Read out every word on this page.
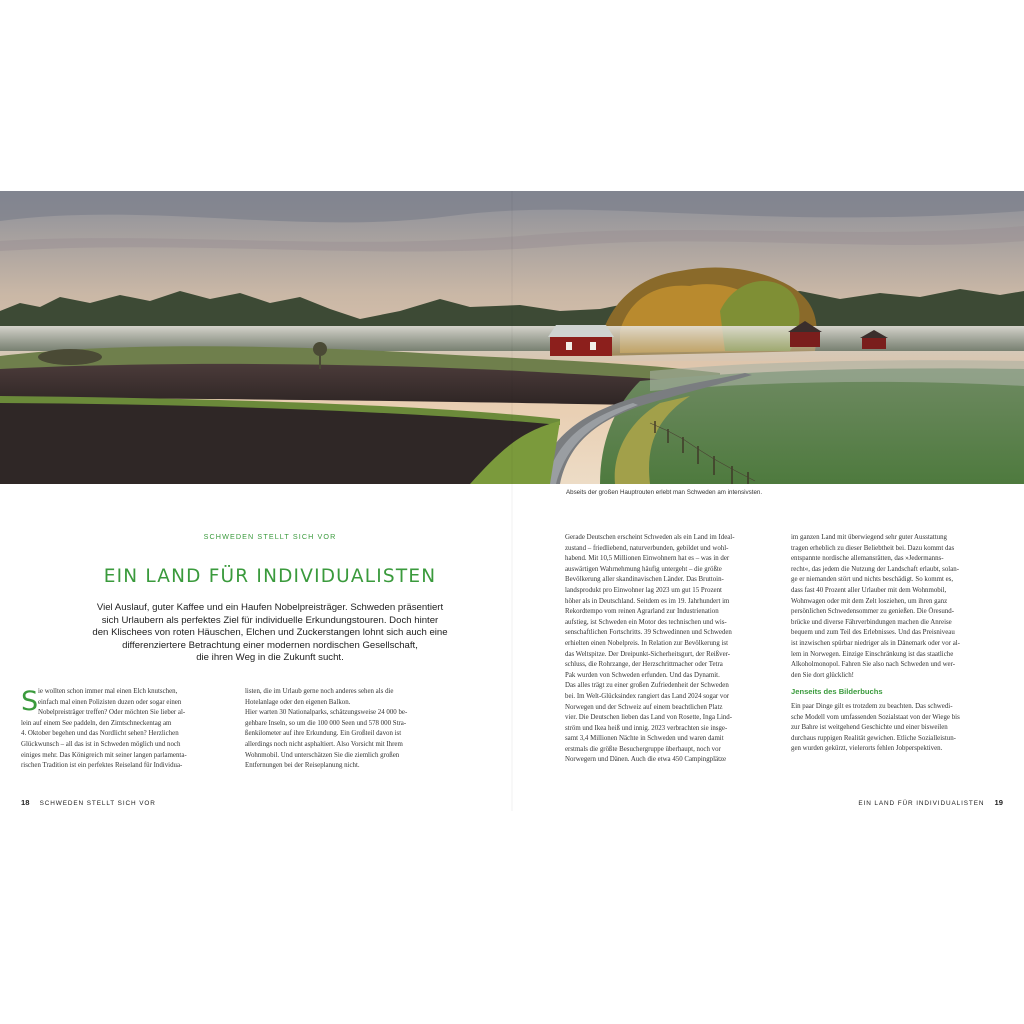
Abseits der großen Hauptrouten erlebt man Schweden am intensivsten.
SCHWEDEN STELLT SICH VOR
EIN LAND FÜR INDIVIDUALISTEN
Viel Auslauf, guter Kaffee und ein Haufen Nobelpreisträger. Schweden präsentiert
sich Urlaubern als perfektes Ziel für individuelle Erkundungstouren. Doch hinter
den Klischees von roten Häuschen, Elchen und Zuckerstangen lohnt sich auch eine
differenziertere Betrachtung einer modernen nordischen Gesellschaft,
die ihren Weg in die Zukunft sucht.
S ie wollten schon immer mal einen Elch knutschen,
einfach mal einen Polizisten duzen oder sogar einen
Nobelpreisträger treffen? Oder möchten Sie lieber al-
lein auf einem See paddeln, den Zimtschneckentag am
4. Oktober begehen und das Nordlicht sehen? Herzlichen
Glückwunsch – all das ist in Schweden möglich und noch
einiges mehr. Das Königreich mit seiner langen parlamenta-
rischen Tradition ist ein perfektes Reiseland für Individua-
listen, die im Urlaub gerne noch anderes sehen als die
Hotelanlage oder den eigenen Balkon.
Hier warten 30 Nationalparks, schätzungsweise 24 000 be-
gehbare Inseln, so um die 100 000 Seen und 578 000 Stra-
ßenkilometer auf ihre Erkundung. Ein Großteil davon ist
allerdings noch nicht asphaltiert. Also Vorsicht mit Ihrem
Wohnmobil. Und unterschätzen Sie die ziemlich großen
Entfernungen bei der Reiseplanung nicht.
Gerade Deutschen erscheint Schweden als ein Land im Ideal-
zustand – friedliebend, naturverbunden, gebildet und wohl-
habend. Mit 10,5 Millionen Einwohnern hat es – was in der
auswärtigen Wahrnehmung häufig untergeht – die größte
Bevölkerung aller skandinavischen Länder. Das Bruttoin-
landsprodukt pro Einwohner lag 2023 um gut 15 Prozent
höher als in Deutschland. Seitdem es im 19. Jahrhundert im
Rekordtempo vom reinen Agrarland zur Industrienation
aufstieg, ist Schweden ein Motor des technischen und wis-
senschaftlichen Fortschritts. 39 Schwedinnen und Schweden
erhielten einen Nobelpreis. In Relation zur Bevölkerung ist
das Weltspitze. Der Dreipunkt-Sicherheitsgurt, der Reißver-
schluss, die Rohrzange, der Herzschrittmacher oder Tetra
Pak wurden von Schweden erfunden. Und das Dynamit.
Das alles trägt zu einer großen Zufriedenheit der Schweden
bei. Im Welt-Glücksindex rangiert das Land 2024 sogar vor
Norwegen und der Schweiz auf einem beachtlichen Platz
vier. Die Deutschen lieben das Land von Rosette, Inga Lind-
ström und Ikea heiß und innig. 2023 verbrachten sie insge-
samt 3,4 Millionen Nächte in Schweden und waren damit
erstmals die größte Besuchergruppe überhaupt, noch vor
Norwegern und Dänen. Auch die etwa 450 Campingplätze
im ganzen Land mit überwiegend sehr guter Ausstattung
tragen erheblich zu dieser Beliebtheit bei. Dazu kommt das
entspannte nordische allemansrätten, das »Jedermanns-
recht«, das jedem die Nutzung der Landschaft erlaubt, solan-
ge er niemanden stört und nichts beschädigt. So kommt es,
dass fast 40 Prozent aller Urlauber mit dem Wohnmobil,
Wohnwagen oder mit dem Zelt losziehen, um ihren ganz
persönlichen Schwedensommer zu genießen. Die Öresund-
brücke und diverse Fährverbindungen machen die Anreise
bequem und zum Teil des Erlebnisses. Und das Preisniveau
ist inzwischen spürbar niedriger als in Dänemark oder vor al-
lem in Norwegen. Einzige Einschränkung ist das staatliche
Alkoholmonopol. Fahren Sie also nach Schweden und wer-
den Sie dort glücklich!
Jenseits des Bilderbuchs
Ein paar Dinge gilt es trotzdem zu beachten. Das schwedi-
sche Modell vom umfassenden Sozialstaat von der Wiege bis
zur Bahre ist weitgehend Geschichte und einer bisweilen
durchaus ruppigen Realität gewichen. Etliche Sozialleistun-
gen wurden gekürzt, vielerorts fehlen Jobperspektiven.
18 SCHWEDEN STELLT SICH VOR	EIN LAND FÜR INDIVIDUALISTEN 19
